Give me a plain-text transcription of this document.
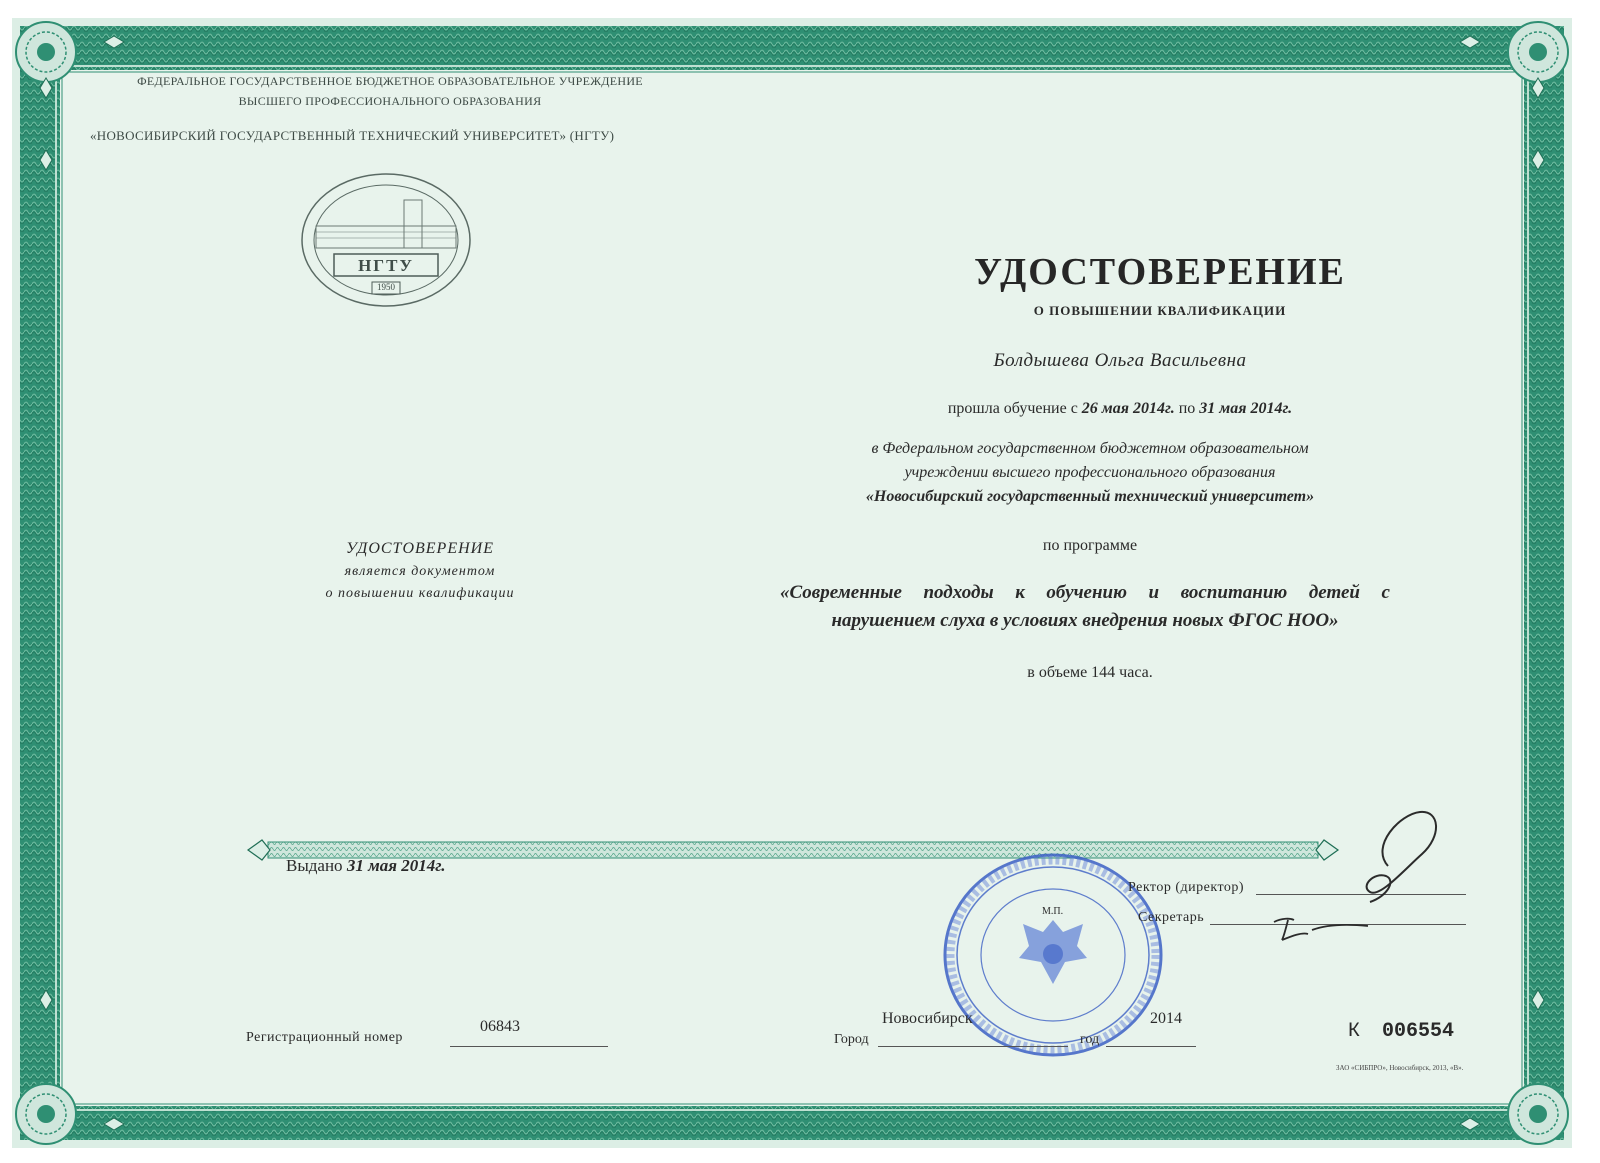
ФЕДЕРАЛЬНОЕ ГОСУДАРСТВЕННОЕ БЮДЖЕТНОЕ ОБРАЗОВАТЕЛЬНОЕ УЧРЕЖДЕНИЕ
ВЫСШЕГО ПРОФЕССИОНАЛЬНОГО ОБРАЗОВАНИЯ
«НОВОСИБИРСКИЙ ГОСУДАРСТВЕННЫЙ ТЕХНИЧЕСКИЙ УНИВЕРСИТЕТ» (НГТУ)
НГТУ
1950
УДОСТОВЕРЕНИЕ
является документом
о повышении квалификации
УДОСТОВЕРЕНИЕ
О ПОВЫШЕНИИ КВАЛИФИКАЦИИ
Болдышева Ольга Васильевна
прошла обучение с 26 мая 2014г. по 31 мая 2014г.
в Федеральном государственном бюджетном образовательном
учреждении высшего профессионального образования
«Новосибирский государственный технический университет»
по программе
«Современные подходы к обучению и воспитанию детей с
нарушением слуха в условиях внедрения новых ФГОС НОО»
в объеме 144 часа.
Выдано 31 мая 2014г.
Ректор (директор)
Секретарь
М.П.
Регистрационный номер
06843
Город
Новосибирск
год
2014
К 006554
ЗАО «СИБПРО», Новосибирск, 2013, «В».
